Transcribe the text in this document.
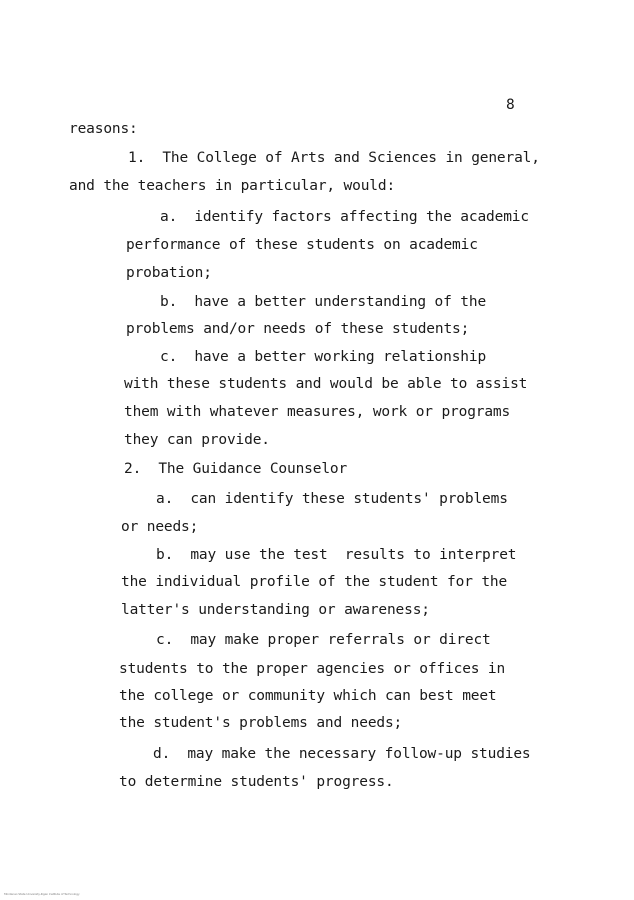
8
reasons:
1.  The College of Arts and Sciences in general,
and the teachers in particular, would:
a.  identify factors affecting the academic
performance of these students on academic
probation;
b.  have a better understanding of the
problems and/or needs of these students;
c.  have a better working relationship
with these students and would be able to assist
them with whatever measures, work or programs
they can provide.
2.  The Guidance Counselor
a.  can identify these students' problems
or needs;
b.  may use the test  results to interpret
the individual profile of the student for the
latter's understanding or awareness;
c.  may make proper referrals or direct
students to the proper agencies or offices in
the college or community which can best meet
the student's problems and needs;
d.  may make the necessary follow-up studies
to determine students' progress.
Mindanao State University-Iligan Institute of Technology
